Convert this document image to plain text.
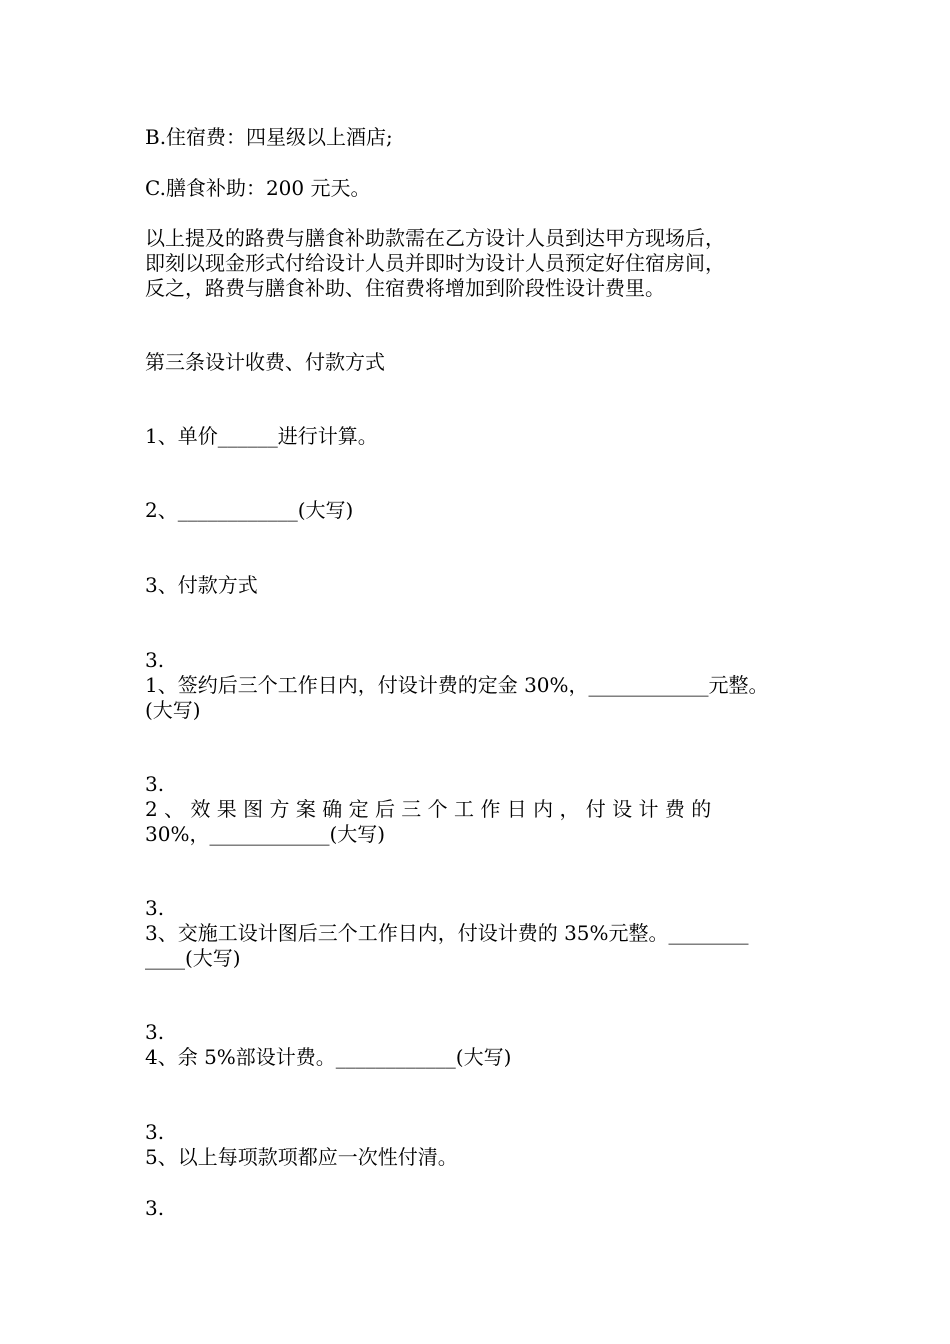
B.住宿费：四星级以上酒店;
C.膳食补助：200 元天。
以上提及的路费与膳食补助款需在乙方设计人员到达甲方现场后，
即刻以现金形式付给设计人员并即时为设计人员预定好住宿房间，
反之，路费与膳食补助、住宿费将增加到阶段性设计费里。
第三条设计收费、付款方式
1、单价______进行计算。
2、____________(大写)
3、付款方式
3.
1、签约后三个工作日内，付设计费的定金 30%，____________元整。
(大写)
3.
2 、 效 果 图 方 案 确 定 后 三 个 工 作 日 内 ， 付 设 计 费 的
30%，____________(大写)
3.
3、交施工设计图后三个工作日内，付设计费的 35%元整。________
____(大写)
3.
4、余 5%部设计费。____________(大写)
3.
5、以上每项款项都应一次性付清。
3.
